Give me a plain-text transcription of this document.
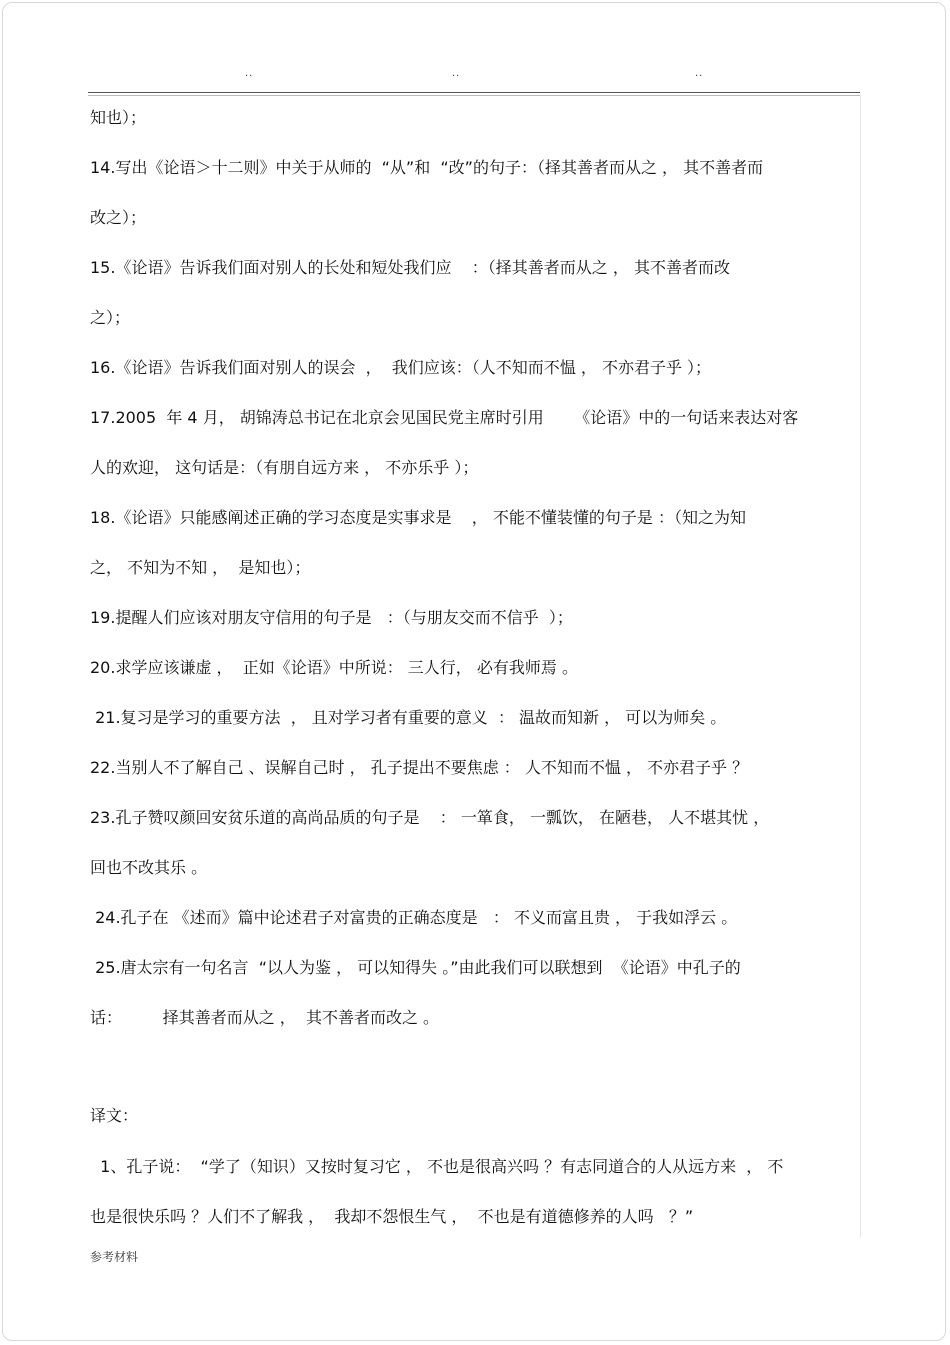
..	..	..
知也）；
14.写出《论语＞十二则》中关于从师的  “从”和  “改”的句子：（择其善者而从之 ， 其不善者而
改之）；
15.《论语》告诉我们面对别人的长处和短处我们应    ：（择其善者而从之 ， 其不善者而改
之）；
16.《论语》告诉我们面对别人的误会  ，  我们应该：（人不知而不愠 ， 不亦君子乎 ）；
17.2005  年 4 月， 胡锦涛总书记在北京会见国民党主席时引用      《论语》中的一句话来表达对客
人的欢迎， 这句话是：（有朋自远方来 ， 不亦乐乎 ）；
18.《论语》只能感阐述正确的学习态度是实事求是    ， 不能不懂装懂的句子是 ：（知之为知
之， 不知为不知 ，  是知也）；
19.提醒人们应该对朋友守信用的句子是   ：（与朋友交而不信乎  ）；
20.求学应该谦虚 ，  正如《论语》中所说： 三人行， 必有我师焉 。
21.复习是学习的重要方法  ， 且对学习者有重要的意义  ： 温故而知新 ， 可以为师矣 。
22.当别人不了解自己 、误解自己时 ， 孔子提出不要焦虑 ： 人不知而不愠 ， 不亦君子乎 ？
23.孔子赞叹颜回安贫乐道的高尚品质的句子是    ： 一箪食， 一瓢饮， 在陋巷， 人不堪其忧 ，
回也不改其乐 。
24.孔子在 《述而》篇中论述君子对富贵的正确态度是   ： 不义而富且贵 ， 于我如浮云 。
25.唐太宗有一句名言  “以人为鉴 ， 可以知得失 。”由此我们可以联想到  《论语》中孔子的
话：        择其善者而从之 ，  其不善者而改之 。
译文：
1、孔子说：  “学了（知识）又按时复习它 ， 不也是很高兴吗 ？有志同道合的人从远方来  ， 不
也是很快乐吗 ？人们不了解我 ，  我却不怨恨生气 ，  不也是有道德修养的人吗   ？”
参考材料
